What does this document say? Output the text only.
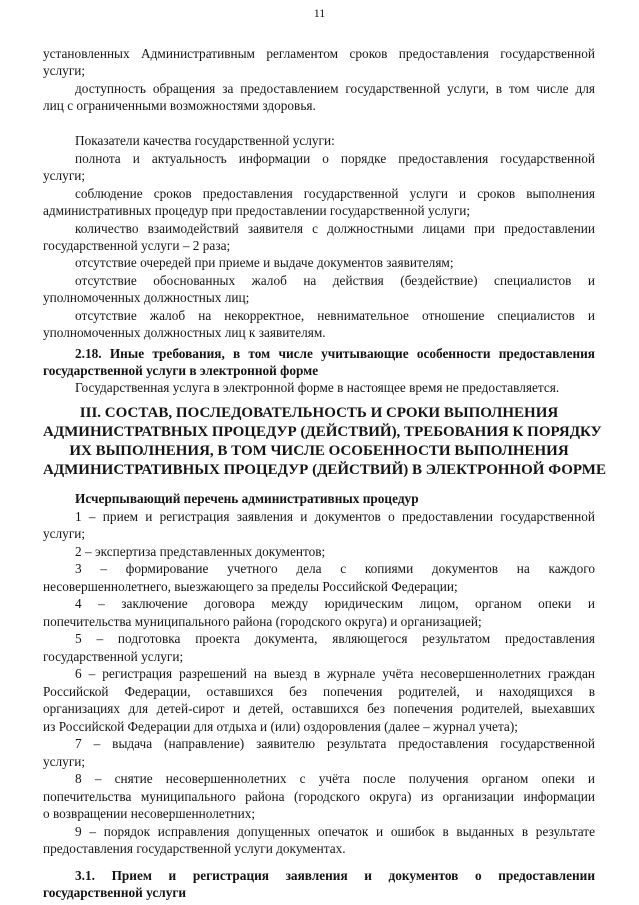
11
установленных Административным регламентом сроков предоставления государственной
услуги;
доступность обращения за предоставлением государственной услуги, в том числе для
лиц с ограниченными возможностями здоровья.
Показатели качества государственной услуги:
полнота и актуальность информации о порядке предоставления государственной
услуги;
соблюдение сроков предоставления государственной услуги и сроков выполнения
административных процедур при предоставлении государственной услуги;
количество взаимодействий заявителя с должностными лицами при предоставлении
государственной услуги – 2 раза;
отсутствие очередей при приеме и выдаче документов заявителям;
отсутствие обоснованных жалоб на действия (бездействие) специалистов и
уполномоченных должностных лиц;
отсутствие жалоб на некорректное, невнимательное отношение специалистов и
уполномоченных должностных лиц к заявителям.
2.18. Иные требования, в том числе учитывающие особенности предоставления
государственной услуги в электронной форме
Государственная услуга в электронной форме в настоящее время не предоставляется.
III. СОСТАВ, ПОСЛЕДОВАТЕЛЬНОСТЬ И СРОКИ ВЫПОЛНЕНИЯ
АДМИНИСТРАТВНЫХ ПРОЦЕДУР (ДЕЙСТВИЙ), ТРЕБОВАНИЯ К ПОРЯДКУ
ИХ ВЫПОЛНЕНИЯ, В ТОМ ЧИСЛЕ ОСОБЕННОСТИ ВЫПОЛНЕНИЯ
АДМИНИСТРАТИВНЫХ ПРОЦЕДУР (ДЕЙСТВИЙ) В ЭЛЕКТРОННОЙ ФОРМЕ
Исчерпывающий перечень административных процедур
1 – прием и регистрация заявления и документов о предоставлении государственной
услуги;
2 – экспертиза представленных документов;
3 – формирование учетного дела с копиями документов на каждого
несовершеннолетнего, выезжающего за пределы Российской Федерации;
4 – заключение договора между юридическим лицом, органом опеки и
попечительства муниципального района (городского округа) и организацией;
5 – подготовка проекта документа, являющегося результатом предоставления
государственной услуги;
6 – регистрация разрешений на выезд в журнале учёта несовершеннолетних граждан
Российской Федерации, оставшихся без попечения родителей, и находящихся в
организациях для детей-сирот и детей, оставшихся без попечения родителей, выехавших
из Российской Федерации для отдыха и (или) оздоровления (далее – журнал учета);
7 – выдача (направление) заявителю результата предоставления государственной
услуги;
8 – снятие несовершеннолетних с учёта после получения органом опеки и
попечительства муниципального района (городского округа) из организации информации
о возвращении несовершеннолетних;
9 – порядок исправления допущенных опечаток и ошибок в выданных в результате
предоставления государственной услуги документах.
3.1. Прием и регистрация заявления и документов о предоставлении
государственной услуги
